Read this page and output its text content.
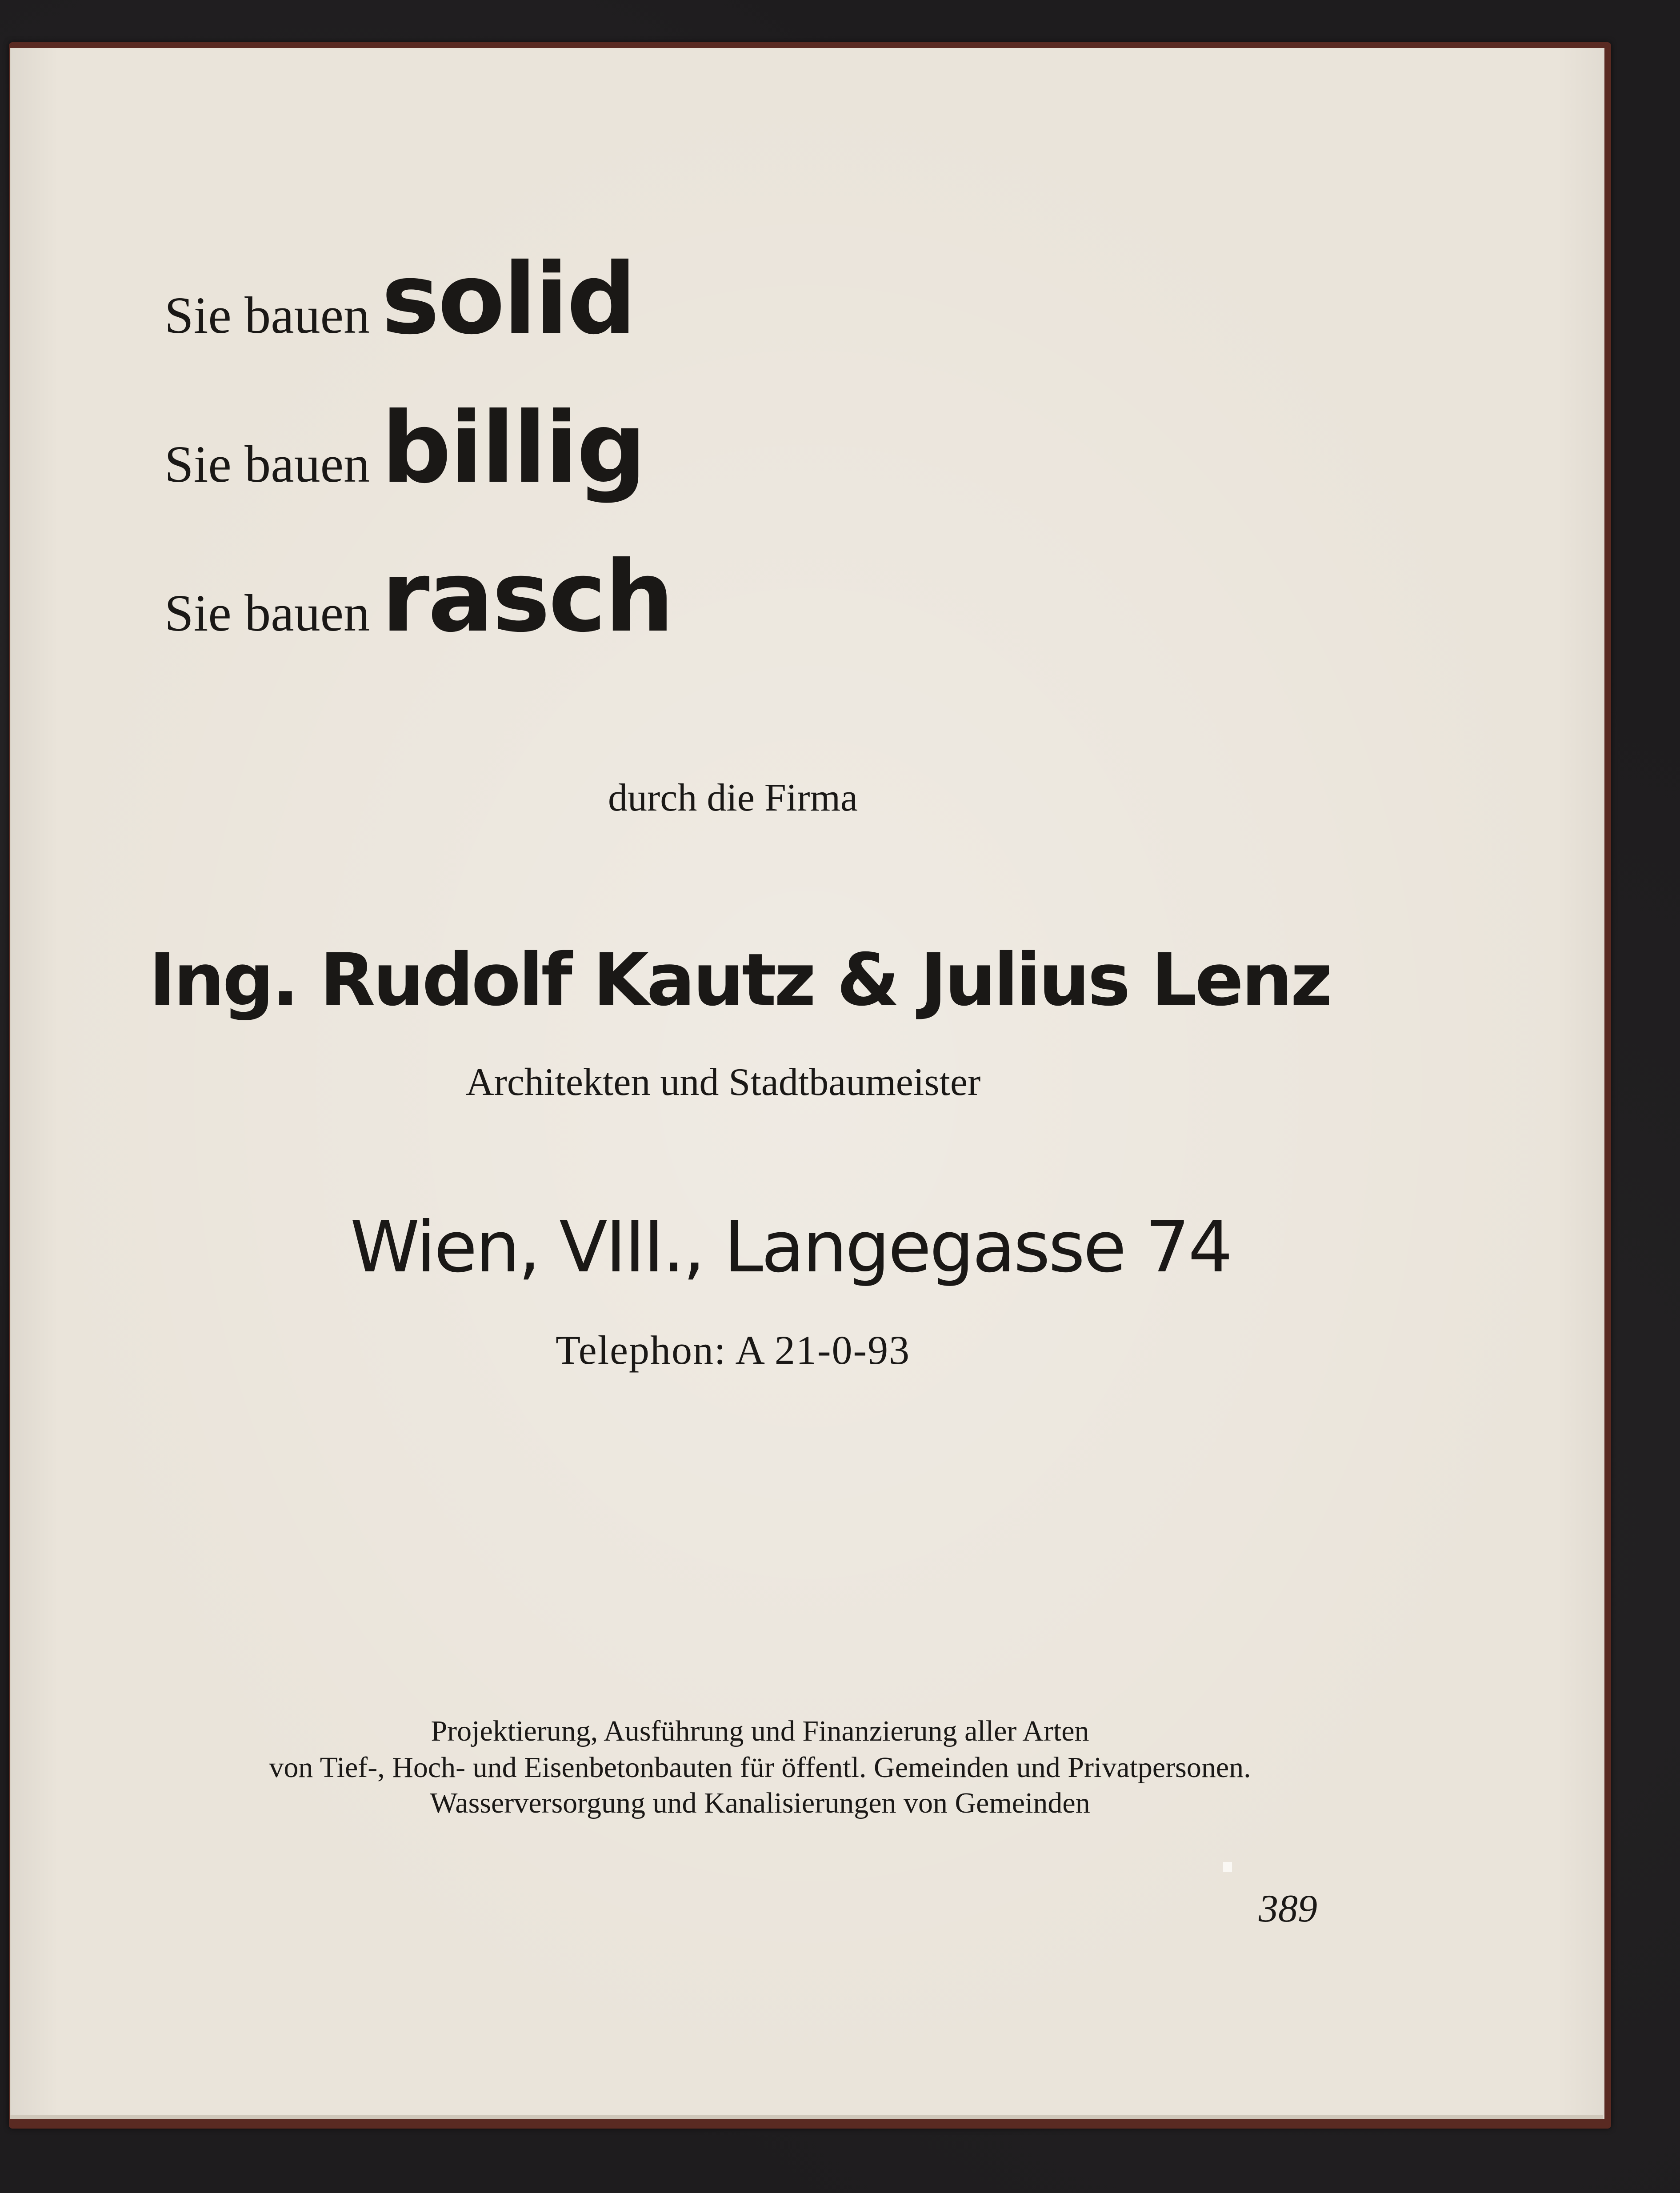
Sie bauen solid
Sie bauen billig
Sie bauen rasch
durch die Firma
Ing. Rudolf Kautz & Julius Lenz
Architekten und Stadtbaumeister
Wien, VIII., Langegasse 74
Telephon: A 21-0-93
Projektierung, Ausführung und Finanzierung aller Arten
von Tief-, Hoch- und Eisenbetonbauten für öffentl. Gemeinden und Privatpersonen.
Wasserversorgung und Kanalisierungen von Gemeinden
389
